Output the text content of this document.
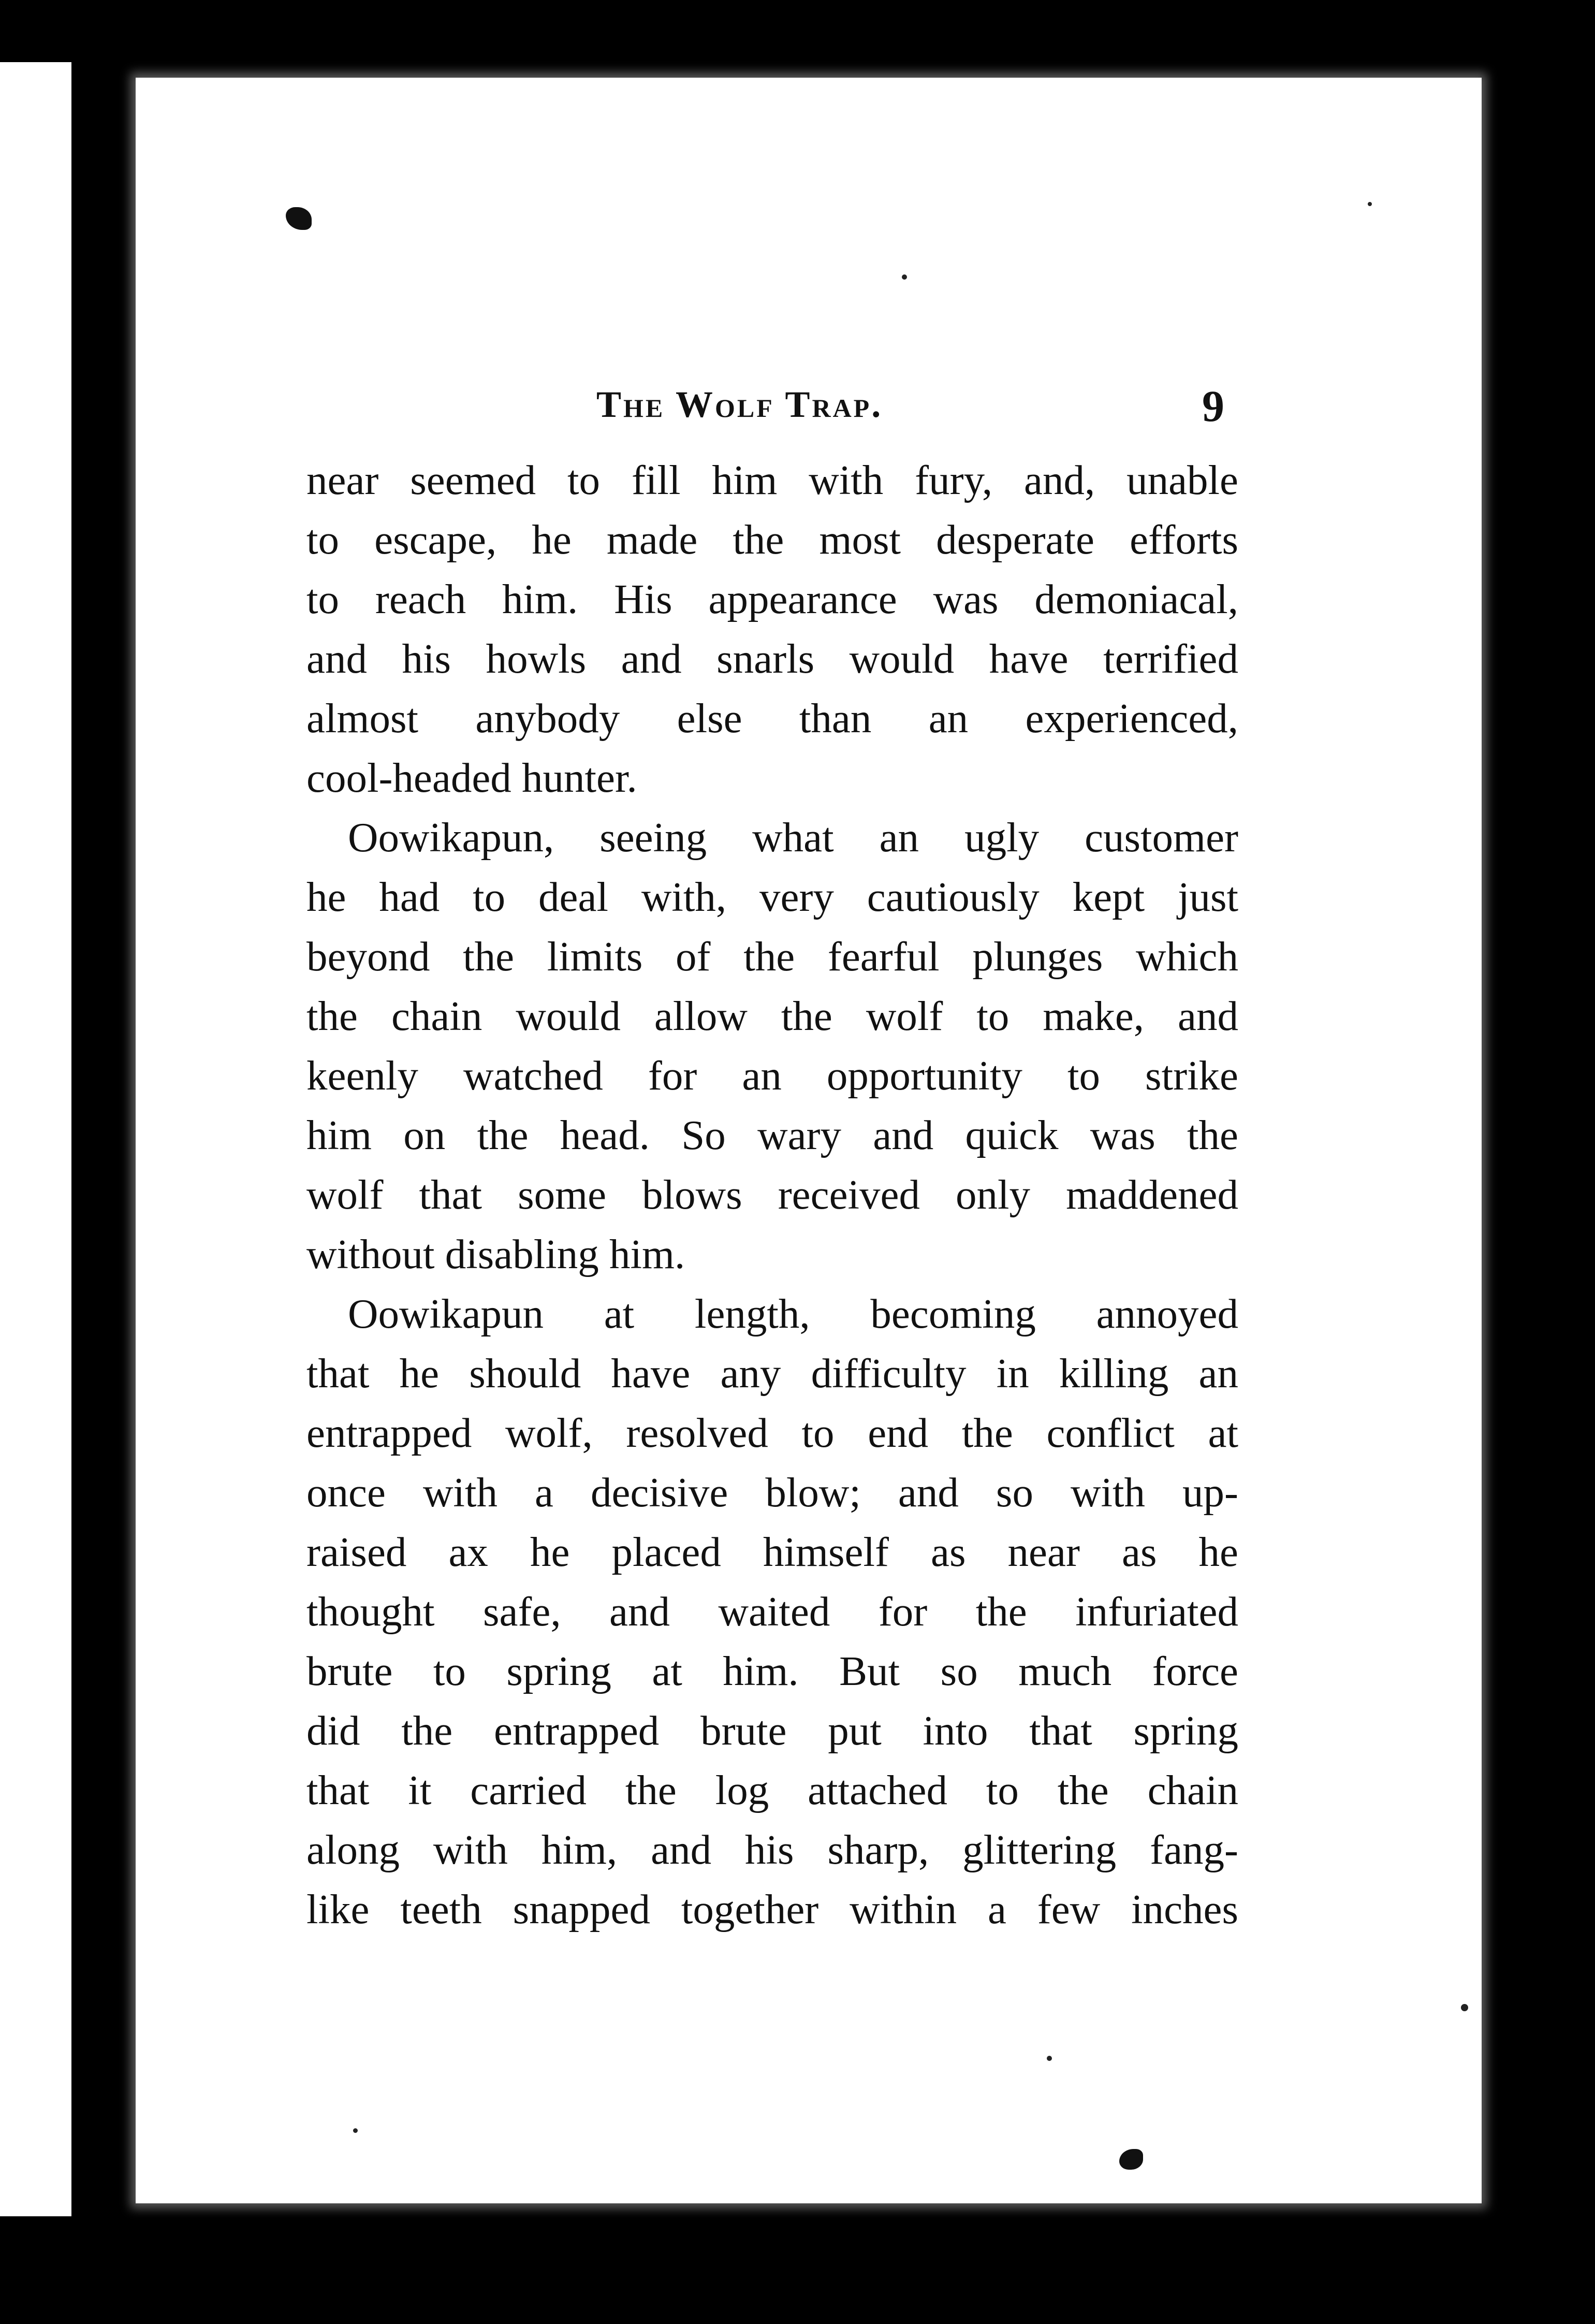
The Wolf Trap.	9
near seemed to fill him with fury, and, unable
to escape, he made the most desperate efforts
to reach him. His appearance was demoniacal,
and his howls and snarls would have terrified
almost anybody else than an experienced,
cool-headed hunter.
Oowikapun, seeing what an ugly customer
he had to deal with, very cautiously kept just
beyond the limits of the fearful plunges which
the chain would allow the wolf to make, and
keenly watched for an opportunity to strike
him on the head. So wary and quick was the
wolf that some blows received only maddened
without disabling him.
Oowikapun at length, becoming annoyed
that he should have any difficulty in killing an
entrapped wolf, resolved to end the conflict at
once with a decisive blow; and so with up-
raised ax he placed himself as near as he
thought safe, and waited for the infuriated
brute to spring at him. But so much force
did the entrapped brute put into that spring
that it carried the log attached to the chain
along with him, and his sharp, glittering fang-
like teeth snapped together within a few inches
